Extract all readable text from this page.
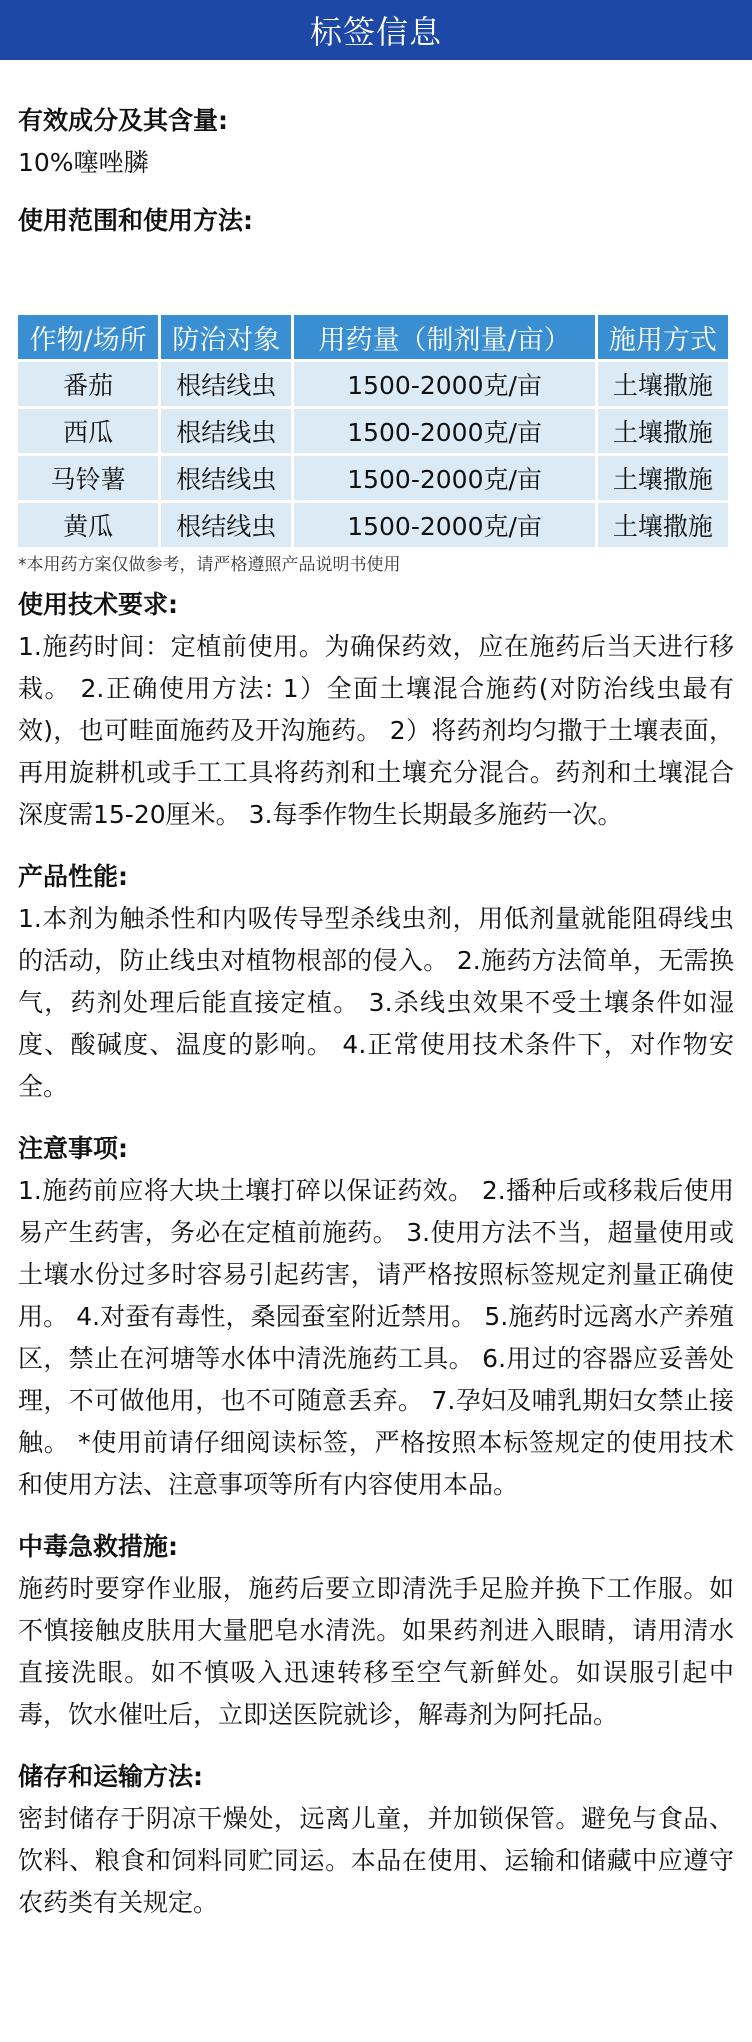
标签信息

有效成分及其含量:

10%噻唑膦

使用范围和使用方法:

作物/场所	防治对象	用药量（制剂量/亩）	施用方式
番茄	根结线虫	1500-2000克/亩	土壤撒施
西瓜	根结线虫	1500-2000克/亩	土壤撒施
马铃薯	根结线虫	1500-2000克/亩	土壤撒施
黄瓜	根结线虫	1500-2000克/亩	土壤撒施

*本用药方案仅做参考，请严格遵照产品说明书使用

使用技术要求:

1.施药时间：定植前使用。为确保药效，应在施药后当天进行移栽。 2.正确使用方法: 1）全面土壤混合施药(对防治线虫最有效)，也可畦面施药及开沟施药。 2）将药剂均匀撒于土壤表面，再用旋耕机或手工工具将药剂和土壤充分混合。药剂和土壤混合深度需15-20厘米。 3.每季作物生长期最多施药一次。

产品性能:

1.本剂为触杀性和内吸传导型杀线虫剂，用低剂量就能阻碍线虫的活动，防止线虫对植物根部的侵入。 2.施药方法简单，无需换气，药剂处理后能直接定植。 3.杀线虫效果不受土壤条件如湿度、酸碱度、温度的影响。 4.正常使用技术条件下，对作物安全。

注意事项:

1.施药前应将大块土壤打碎以保证药效。 2.播种后或移栽后使用易产生药害，务必在定植前施药。 3.使用方法不当，超量使用或土壤水份过多时容易引起药害，请严格按照标签规定剂量正确使用。 4.对蚕有毒性，桑园蚕室附近禁用。 5.施药时远离水产养殖区，禁止在河塘等水体中清洗施药工具。 6.用过的容器应妥善处理，不可做他用，也不可随意丢弃。 7.孕妇及哺乳期妇女禁止接触。 *使用前请仔细阅读标签，严格按照本标签规定的使用技术和使用方法、注意事项等所有内容使用本品。

中毒急救措施:

施药时要穿作业服，施药后要立即清洗手足脸并换下工作服。如不慎接触皮肤用大量肥皂水清洗。如果药剂进入眼睛，请用清水直接洗眼。如不慎吸入迅速转移至空气新鲜处。如误服引起中毒，饮水催吐后，立即送医院就诊，解毒剂为阿托品。

储存和运输方法:

密封储存于阴凉干燥处，远离儿童，并加锁保管。避免与食品、饮料、粮食和饲料同贮同运。本品在使用、运输和储藏中应遵守农药类有关规定。
